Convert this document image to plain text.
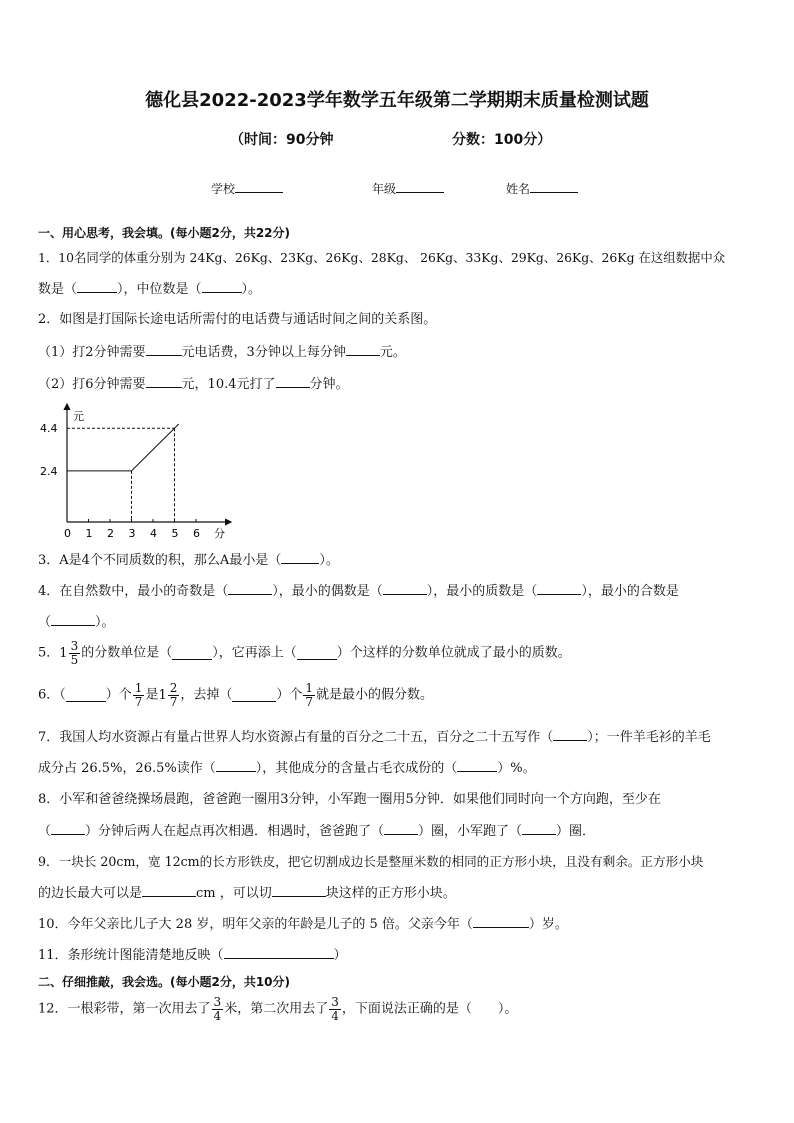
德化县2022-2023学年数学五年级第二学期期末质量检测试题
（时间：90分钟	分数：100分）
学校	年级	姓名
一、用心思考，我会填。(每小题2分，共22分)
1．10名同学的体重分别为 24Kg、26Kg、23Kg、26Kg、28Kg、 26Kg、33Kg、29Kg、26Kg、26Kg 在这组数据中众
数是（	），中位数是（	）。
2．如图是打国际长途电话所需付的电话费与通话时间之间的关系图。
（1）打2分钟需要	元电话费，3分钟以上每分钟	元。
（2）打6分钟需要	元，10.4元打了	分钟。
元
分
0 1 2 3 4 5 6
2.4
4.4
3．A是4个不同质数的积，那么A最小是（	）。
4．在自然数中，最小的奇数是（	），最小的偶数是（	），最小的质数是（	），最小的合数是
（	）。
5．$1 \frac{3}{5}$ 的分数单位是（	），它再添上（	）个这样的分数单位就成了最小的质数。
6．（	）个 $\frac{1}{7}$ 是$1 \frac{2}{7}$ ，去掉（	）个 $\frac{1}{7}$ 就是最小的假分数。
7．我国人均水资源占有量占世界人均水资源占有量的百分之二十五，百分之二十五写作（	）；一件羊毛衫的羊毛
成分占 26.5%，26.5%读作（	），其他成分的含量占毛衣成份的（	）%。
8．小军和爸爸绕操场晨跑，爸爸跑一圈用3分钟，小军跑一圈用5分钟．如果他们同时向一个方向跑，至少在
（	）分钟后两人在起点再次相遇．相遇时，爸爸跑了（	）圈，小军跑了（	）圈．
9．一块长 20cm，宽 12cm的长方形铁皮，把它切割成边长是整厘米数的相同的正方形小块，且没有剩余。正方形小块
的边长最大可以是	cm ，可以切	块这样的正方形小块。
10．今年父亲比儿子大 28 岁，明年父亲的年龄是儿子的 5 倍。父亲今年（	）岁。
11．条形统计图能清楚地反映（	）
二、仔细推敲，我会选。(每小题2分，共10分)
12．一根彩带，第一次用去了 $\frac{3}{4}$ 米，第二次用去了 $\frac{3}{4}$ ，下面说法正确的是（　　）。
